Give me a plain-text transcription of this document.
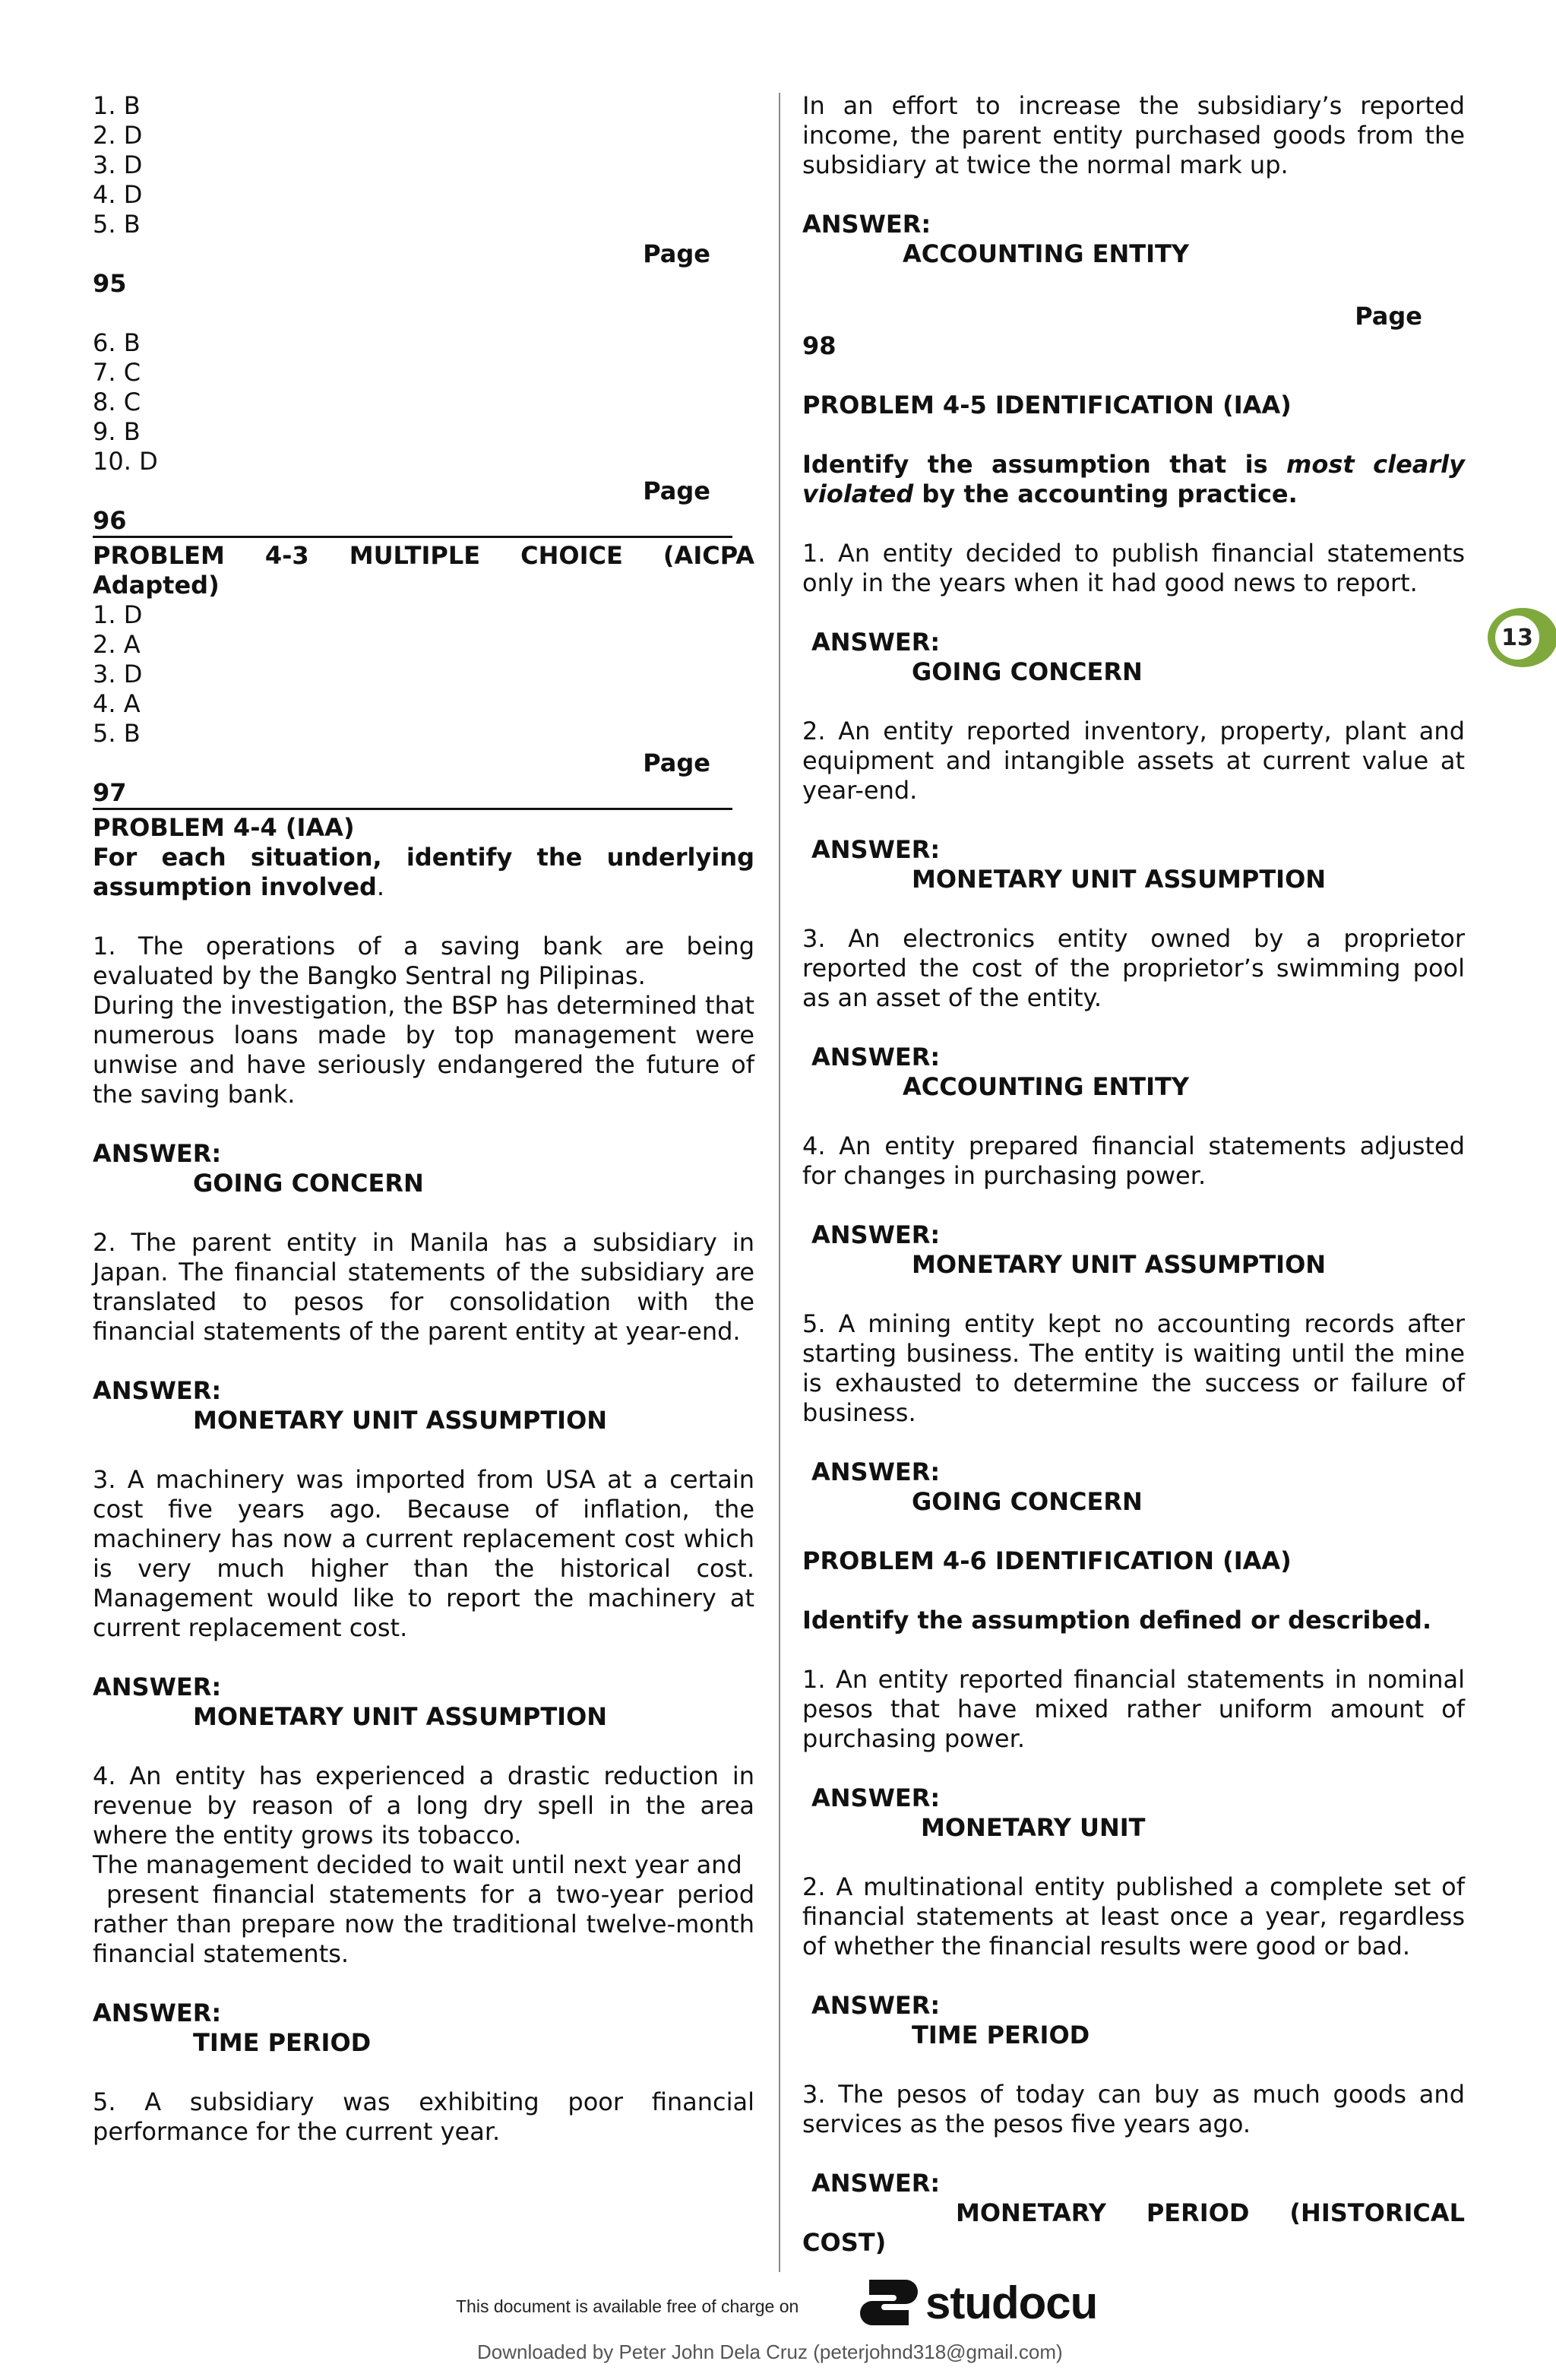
1. B
2. D
3. D
4. D
5. B
Page
95
6. B
7. C
8. C
9. B
10. D
Page
96
PROBLEM 4-3 MULTIPLE CHOICE (AICPA
Adapted)
1. D
2. A
3. D
4. A
5. B
Page
97
PROBLEM 4-4 (IAA)

For each situation, identify the underlying assumption involved.

1. The operations of a saving bank are being evaluated by the Bangko Sentral ng Pilipinas.

During the investigation, the BSP has determined that numerous loans made by top management were unwise and have seriously endangered the future of the saving bank.

ANSWER:
GOING CONCERN

2. The parent entity in Manila has a subsidiary in Japan. The financial statements of the subsidiary are translated to pesos for consolidation with the financial statements of the parent entity at year-end.

ANSWER:
MONETARY UNIT ASSUMPTION

3. A machinery was imported from USA at a certain cost five years ago. Because of inflation, the machinery has now a current replacement cost which is very much higher than the historical cost. Management would like to report the machinery at current replacement cost.

ANSWER:
MONETARY UNIT ASSUMPTION

4. An entity has experienced a drastic reduction in revenue by reason of a long dry spell in the area where the entity grows its tobacco.

The management decided to wait until next year and

present financial statements for a two-year period rather than prepare now the traditional twelve-month financial statements.

ANSWER:
TIME PERIOD

5. A subsidiary was exhibiting poor financial performance for the current year.

In an effort to increase the subsidiary’s reported income, the parent entity purchased goods from the subsidiary at twice the normal mark up.

ANSWER:
ACCOUNTING ENTITY
Page
98
PROBLEM 4-5 IDENTIFICATION (IAA)

Identify the assumption that is most clearly violated by the accounting practice.

1. An entity decided to publish financial statements only in the years when it had good news to report.

ANSWER:
GOING CONCERN

2. An entity reported inventory, property, plant and equipment and intangible assets at current value at year-end.

ANSWER:
MONETARY UNIT ASSUMPTION

3. An electronics entity owned by a proprietor reported the cost of the proprietor’s swimming pool as an asset of the entity.

ANSWER:
ACCOUNTING ENTITY

4. An entity prepared financial statements adjusted for changes in purchasing power.

ANSWER:
MONETARY UNIT ASSUMPTION

5. A mining entity kept no accounting records after starting business. The entity is waiting until the mine is exhausted to determine the success or failure of business.

ANSWER:
GOING CONCERN
PROBLEM 4-6 IDENTIFICATION (IAA)
Identify the assumption defined or described.

1. An entity reported financial statements in nominal pesos that have mixed rather uniform amount of purchasing power.

ANSWER:
MONETARY UNIT

2. A multinational entity published a complete set of financial statements at least once a year, regardless of whether the financial results were good or bad.

ANSWER:
TIME PERIOD

3. The pesos of today can buy as much goods and services as the pesos five years ago.

ANSWER:
MONETARY PERIOD (HISTORICAL
COST)
13
This document is available free of charge on	studocu
Downloaded by Peter John Dela Cruz (peterjohnd318@gmail.com)
